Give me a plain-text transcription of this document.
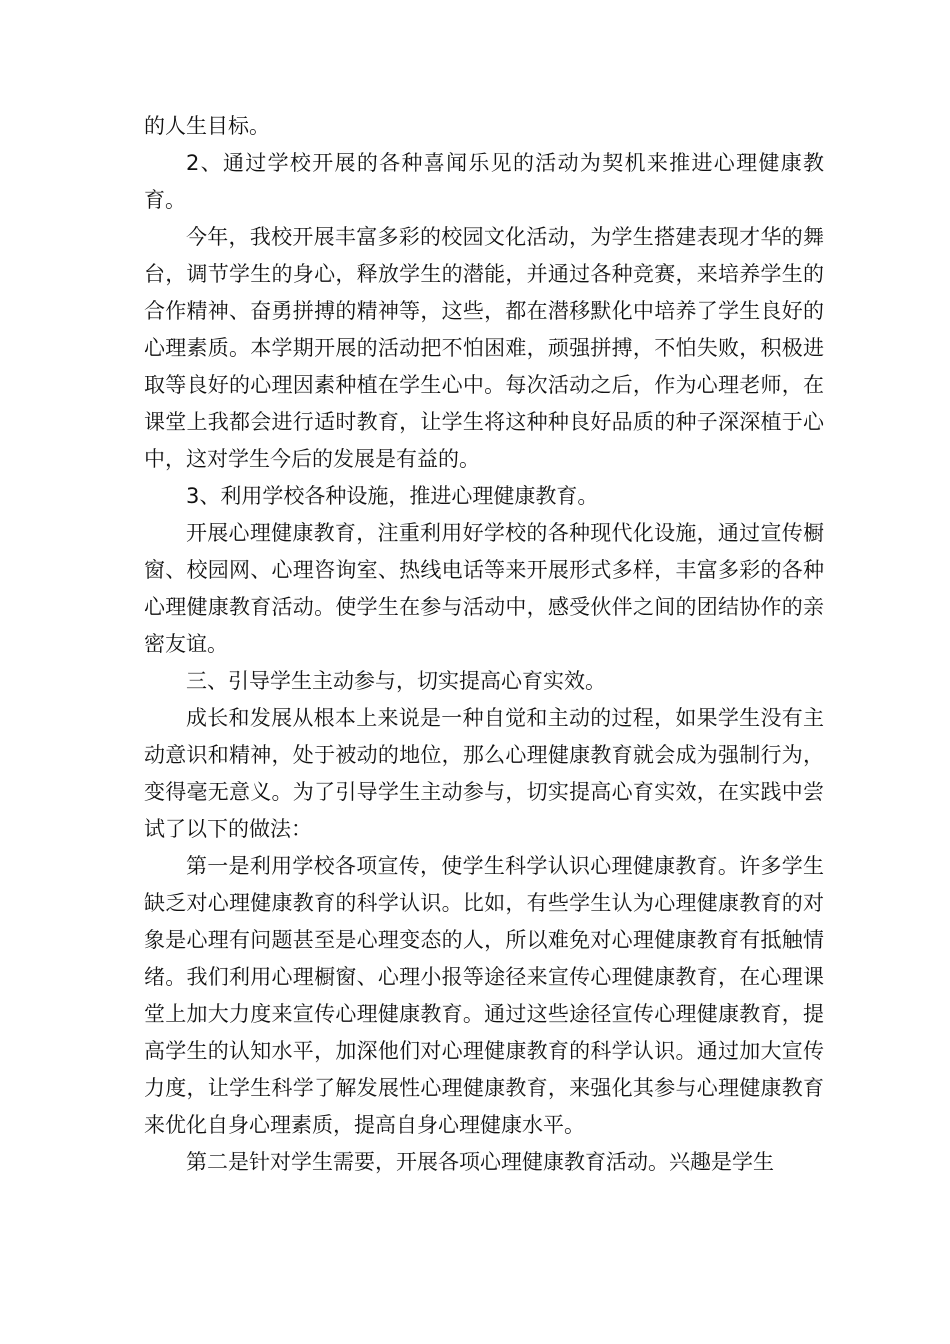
的人生目标。

2、通过学校开展的各种喜闻乐见的活动为契机来推进心理健康教育。

今年，我校开展丰富多彩的校园文化活动，为学生搭建表现才华的舞台，调节学生的身心，释放学生的潜能，并通过各种竞赛，来培养学生的合作精神、奋勇拼搏的精神等，这些，都在潜移默化中培养了学生良好的心理素质。本学期开展的活动把不怕困难，顽强拼搏，不怕失败，积极进取等良好的心理因素种植在学生心中。每次活动之后，作为心理老师，在课堂上我都会进行适时教育，让学生将这种种良好品质的种子深深植于心中，这对学生今后的发展是有益的。

3、利用学校各种设施，推进心理健康教育。

开展心理健康教育，注重利用好学校的各种现代化设施，通过宣传橱窗、校园网、心理咨询室、热线电话等来开展形式多样，丰富多彩的各种心理健康教育活动。使学生在参与活动中，感受伙伴之间的团结协作的亲密友谊。

三、引导学生主动参与，切实提高心育实效。

成长和发展从根本上来说是一种自觉和主动的过程，如果学生没有主动意识和精神，处于被动的地位，那么心理健康教育就会成为强制行为，变得毫无意义。为了引导学生主动参与，切实提高心育实效，在实践中尝试了以下的做法：

第一是利用学校各项宣传，使学生科学认识心理健康教育。许多学生缺乏对心理健康教育的科学认识。比如，有些学生认为心理健康教育的对象是心理有问题甚至是心理变态的人，所以难免对心理健康教育有抵触情绪。我们利用心理橱窗、心理小报等途径来宣传心理健康教育，在心理课堂上加大力度来宣传心理健康教育。通过这些途径宣传心理健康教育，提高学生的认知水平，加深他们对心理健康教育的科学认识。通过加大宣传力度，让学生科学了解发展性心理健康教育，来强化其参与心理健康教育来优化自身心理素质，提高自身心理健康水平。

第二是针对学生需要，开展各项心理健康教育活动。兴趣是学生
